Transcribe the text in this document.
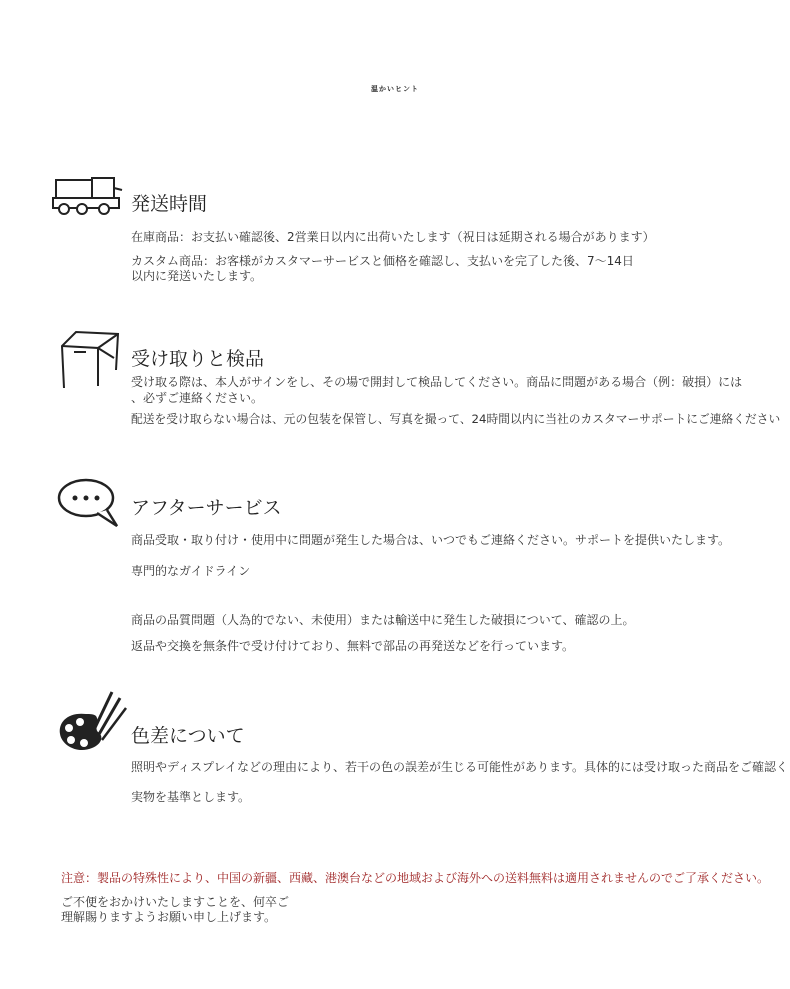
温かいヒント
発送時間
在庫商品：お支払い確認後、2営業日以内に出荷いたします（祝日は延期される場合があります）
カスタム商品：お客様がカスタマーサービスと価格を確認し、支払いを完了した後、7～14日
以内に発送いたします。
受け取りと検品
受け取る際は、本人がサインをし、その場で開封して検品してください。商品に問題がある場合（例：破損）には
、必ずご連絡ください。
配送を受け取らない場合は、元の包装を保管し、写真を撮って、24時間以内に当社のカスタマーサポートにご連絡ください
アフターサービス
商品受取・取り付け・使用中に問題が発生した場合は、いつでもご連絡ください。サポートを提供いたします。
専門的なガイドライン
商品の品質問題（人為的でない、未使用）または輸送中に発生した破損について、確認の上。
返品や交換を無条件で受け付けており、無料で部品の再発送などを行っています。
色差について
照明やディスプレイなどの理由により、若干の色の誤差が生じる可能性があります。具体的には受け取った商品をご確認く
実物を基準とします。
注意：製品の特殊性により、中国の新疆、西藏、港澳台などの地域および海外への送料無料は適用されませんのでご了承ください。
ご不便をおかけいたしますことを、何卒ご
理解賜りますようお願い申し上げます。
